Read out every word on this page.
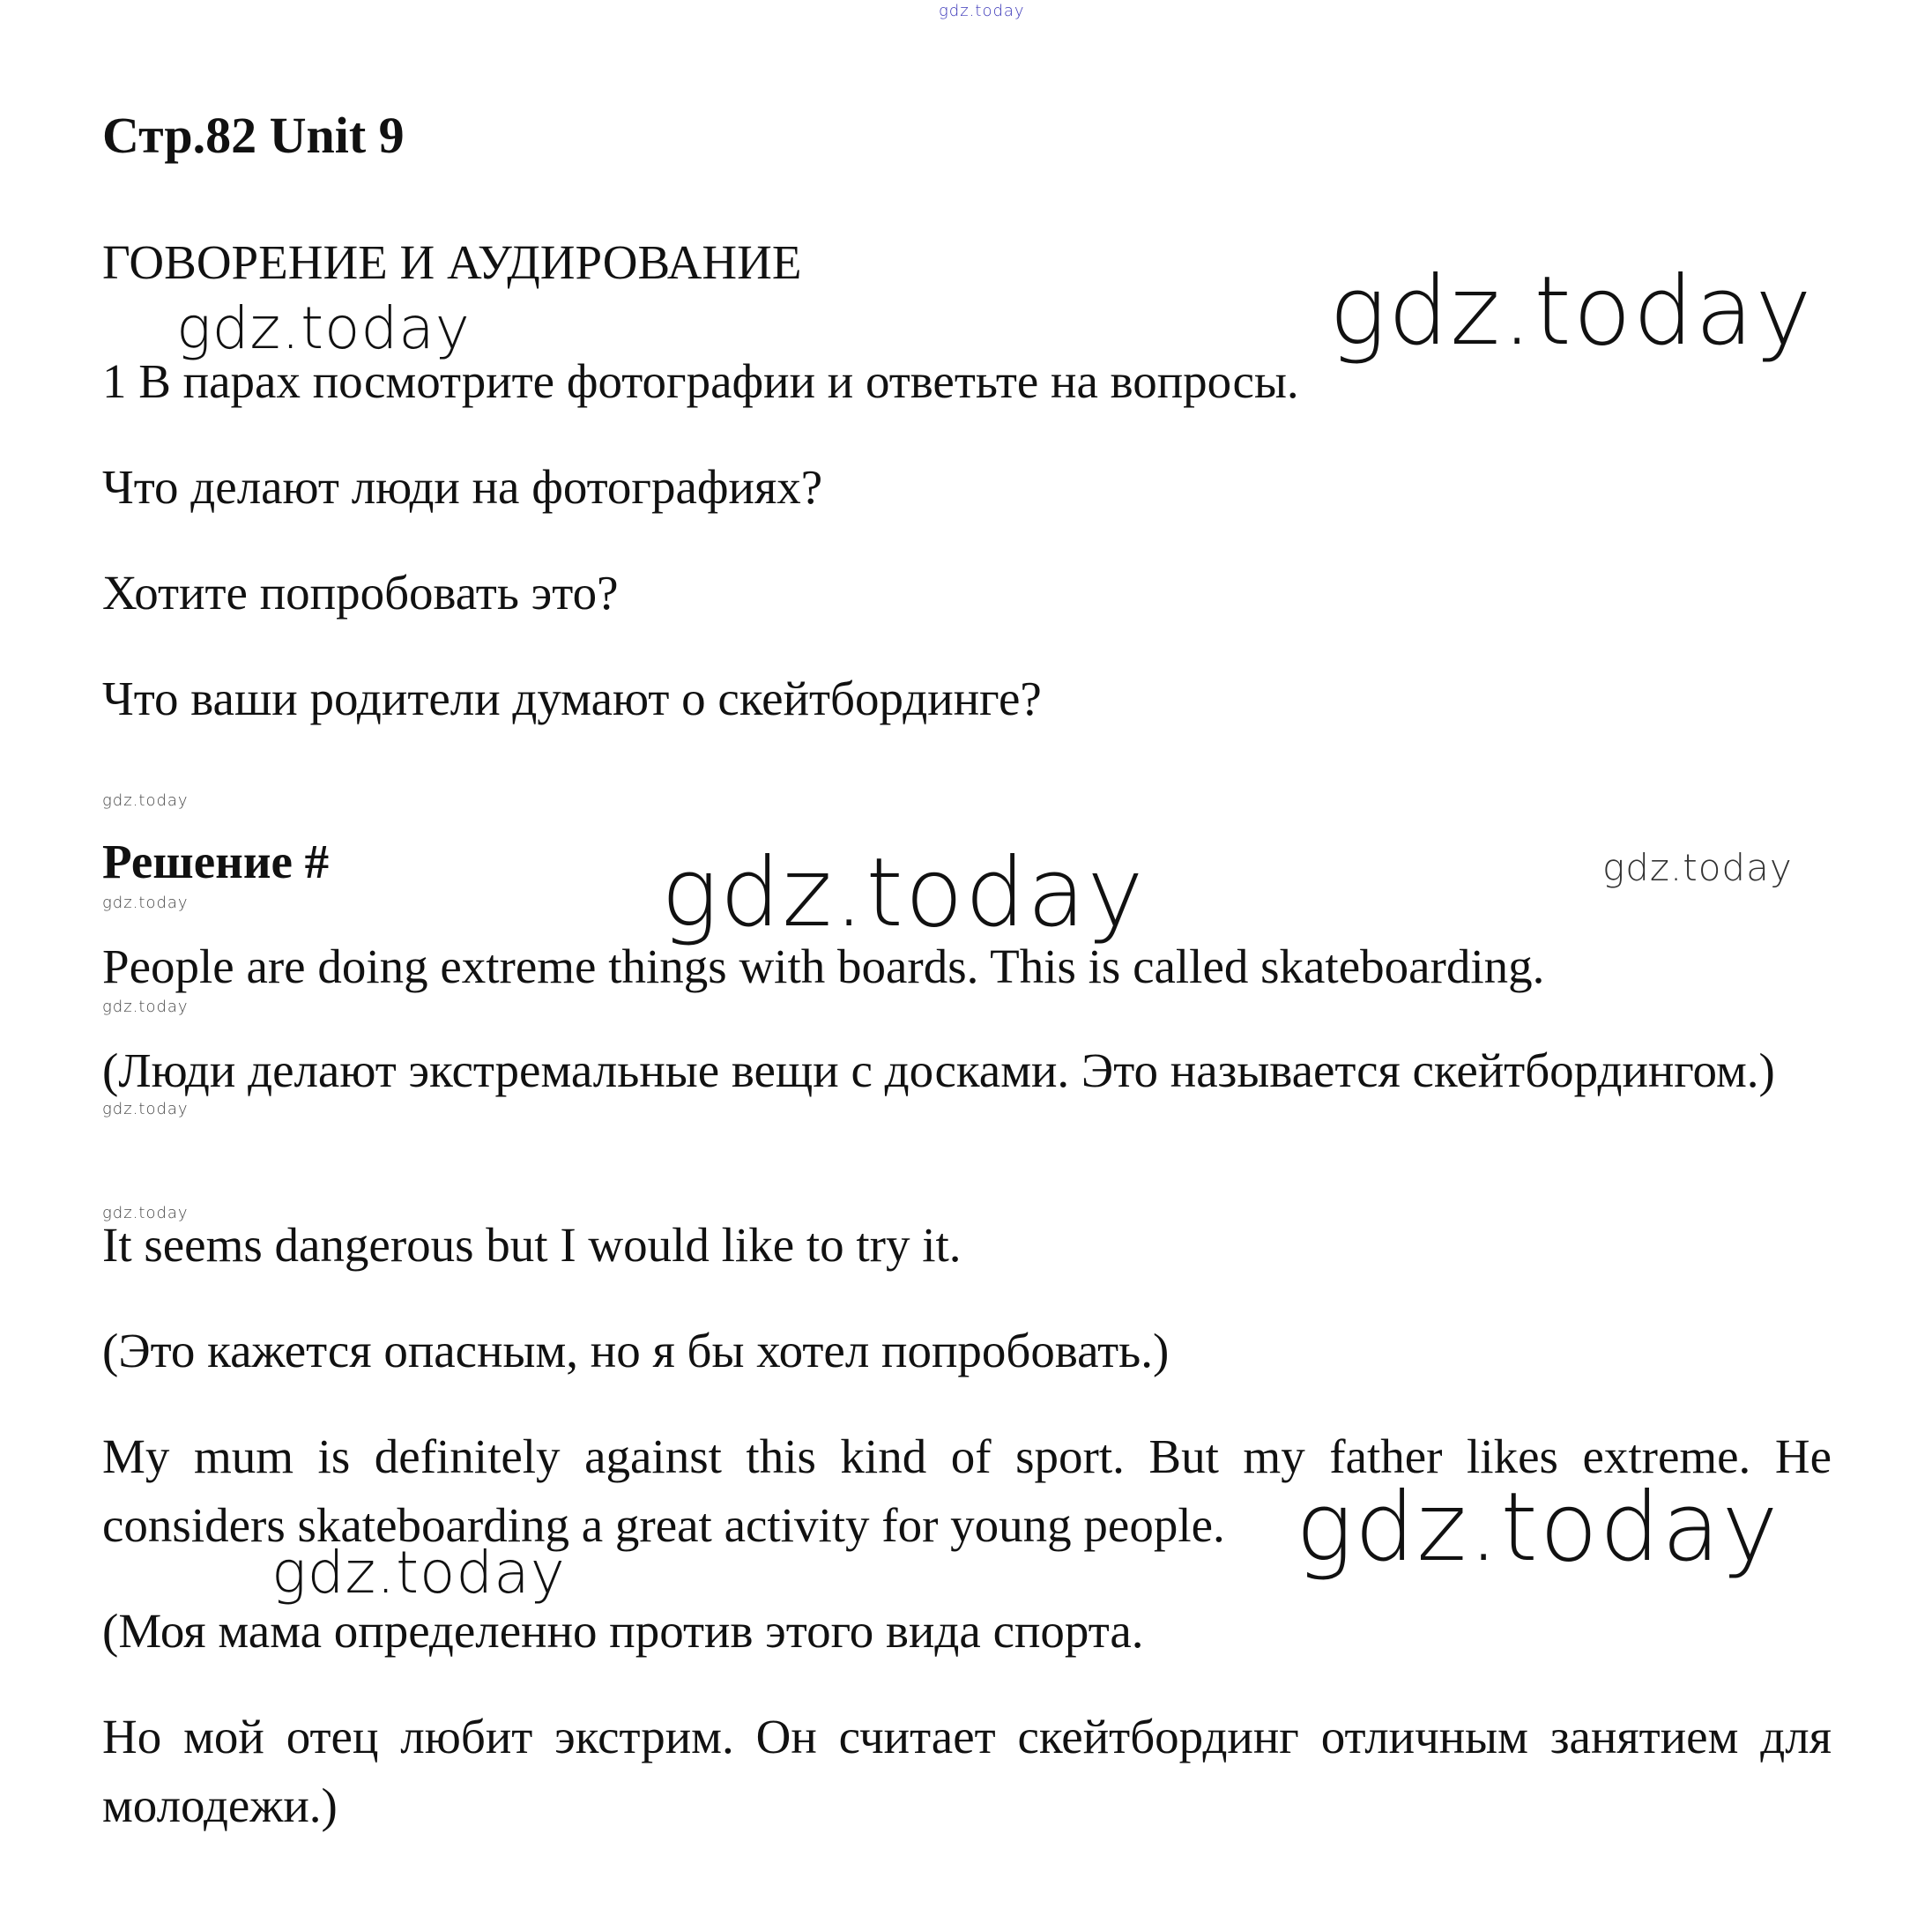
gdz.today
gdz.today	gdz.today
gdz.today
gdz.today
gdz.today
gdz.today
gdz.today
gdz.today	gdz.today
gdz.today
gdz.today
Стр.82 Unit 9
ГОВОРЕНИЕ И АУДИРОВАНИЕ

1 В парах посмотрите фотографии и ответьте на вопросы.

Что делают люди на фотографиях?

Хотите попробовать это?

Что ваши родители думают о скейтбординге?

Решение #

People are doing extreme things with boards. This is called skateboarding.

(Люди делают экстремальные вещи с досками. Это называется скейтбордингом.)

It seems dangerous but I would like to try it.

(Это кажется опасным, но я бы хотел попробовать.)

My mum is definitely against this kind of sport. But my father likes extreme. He considers skateboarding a great activity for young people.

(Моя мама определенно против этого вида спорта.

Но мой отец любит экстрим. Он считает скейтбординг отличным занятием для молодежи.)
